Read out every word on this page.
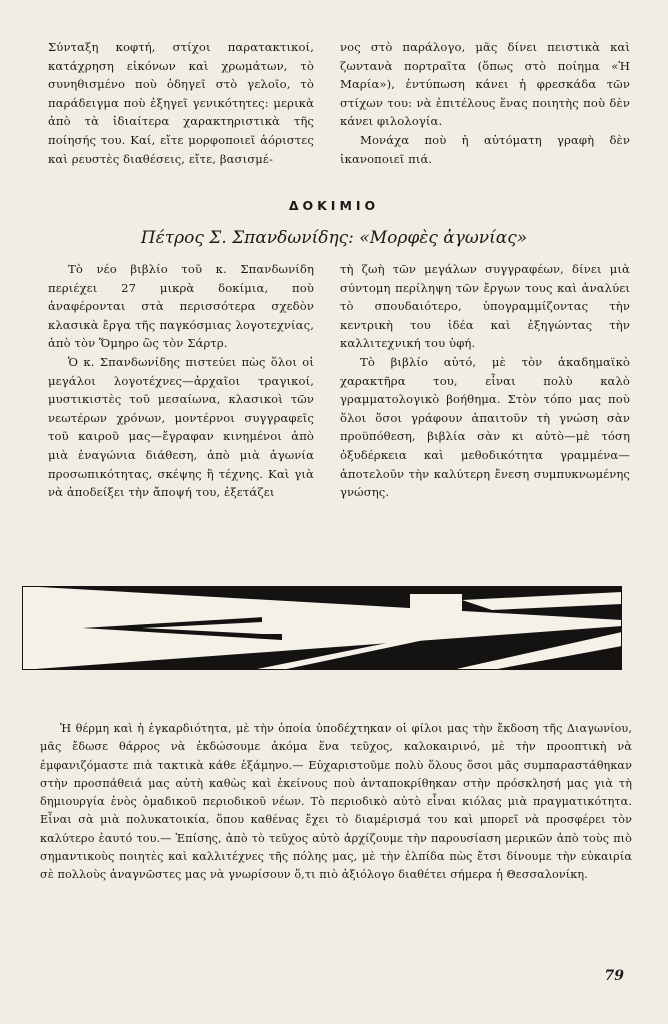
Σύνταξη κοφτή, στίχοι παρατακτικοί, κατάχρηση εἰκόνων καὶ χρωμάτων, τὸ συνηθισμένο ποὺ ὁδηγεῖ στὸ γελοῖο, τὸ παράδειγμα ποὺ ἐξηγεῖ γενικότητες: μερικὰ ἀπὸ τὰ ἰδιαίτερα χαρακτηριστικὰ τῆς ποίησής του. Καί, εἴτε μορφοποιεῖ ἀόριστες καὶ ρευστὲς διαθέσεις, εἴτε, βασισμέ-

νος στὸ παράλογο, μᾶς δίνει πειστικὰ καὶ ζωντανὰ πορτραῖτα (ὅπως στὸ ποίημα «Ἡ Μαρία»), ἐντύπωση κάνει ἡ φρεσκάδα τῶν στίχων του: νὰ ἐπιτέλους ἕνας ποιητὴς ποὺ δὲν κάνει φιλολογία.

Μονάχα ποὺ ἡ αὐτόματη γραφὴ δὲν ἱκανοποιεῖ πιά.

ΔΟΚΙΜΙΟ
Πέτρος Σ. Σπανδωνίδης: «Μορφὲς ἀγωνίας»

Τὸ νέο βιβλίο τοῦ κ. Σπανδωνίδη περιέχει 27 μικρὰ δοκίμια, ποὺ ἀναφέρονται στὰ περισσότερα σχεδὸν κλασικὰ ἔργα τῆς παγκόσμιας λογοτεχνίας, ἀπὸ τὸν Ὅμηρο ὣς τὸν Σάρτρ.

Ὁ κ. Σπανδωνίδης πιστεύει πὼς ὅλοι οἱ μεγάλοι λογοτέχνες—ἀρχαῖοι τραγικοί, μυστικιστὲς τοῦ μεσαίωνα, κλασικοὶ τῶν νεωτέρων χρόνων, μοντέρνοι συγγραφεῖς τοῦ καιροῦ μας—ἔγραφαν κινημένοι ἀπὸ μιὰ ἐναγώνια διάθεση, ἀπὸ μιὰ ἀγωνία προσωπικότητας, σκέψης ἢ τέχνης. Καὶ γιὰ νὰ ἀποδείξει τὴν ἄποψή του, ἐξετάζει

τὴ ζωὴ τῶν μεγάλων συγγραφέων, δίνει μιὰ σύντομη περίληψη τῶν ἔργων τους καὶ ἀναλύει τὸ σπουδαιότερο, ὑπογραμμίζοντας τὴν κεντρικὴ του ἰδέα καὶ ἐξηγώντας τὴν καλλιτεχνική του ὑφή.

Τὸ βιβλίο αὐτό, μὲ τὸν ἀκαδημαϊκὸ χαρακτῆρα του, εἶναι πολὺ καλὸ γραμματολογικὸ βοήθημα. Στὸν τόπο μας ποὺ ὅλοι ὅσοι γράφουν ἀπαιτοῦν τὴ γνώση σὰν προϋπόθεση, βιβλία σὰν κι αὐτὸ—μὲ τόση ὀξυδέρκεια καὶ μεθοδικότητα γραμμένα—ἀποτελοῦν τὴν καλύτερη ἔνεση συμπυκνωμένης γνώσης.

Ἡ θέρμη καὶ ἡ ἐγκαρδιότητα, μὲ τὴν ὁποία ὑποδέχτηκαν οἱ φίλοι μας τὴν ἔκδοση τῆς Διαγωνίου, μᾶς ἔδωσε θάρρος νὰ ἐκδώσουμε ἀκόμα ἕνα τεῦχος, καλοκαιρινό, μὲ τὴν προοπτικὴ νὰ ἐμφανιζόμαστε πιὰ τακτικὰ κάθε ἑξάμηνο.— Εὐχαριστοῦμε πολὺ ὅλους ὅσοι μᾶς συμπαραστάθηκαν στὴν προσπάθειά μας αὐτὴ καθὼς καὶ ἐκείνους ποὺ ἀνταποκρίθηκαν στὴν πρόσκλησή μας γιὰ τὴ δημιουργία ἑνὸς ὁμαδικοῦ περιοδικοῦ νέων. Τὸ περιοδικὸ αὐτὸ εἶναι κιόλας μιὰ πραγματικότητα. Εἶναι σὰ μιὰ πολυκατοικία, ὅπου καθένας ἔχει τὸ διαμέρισμά του καὶ μπορεῖ νὰ προσφέρει τὸν καλύτερο ἑαυτό του.— Ἐπίσης, ἀπὸ τὸ τεῦχος αὐτὸ ἀρχίζουμε τὴν παρουσίαση μερικῶν ἀπὸ τοὺς πιὸ σημαντικοὺς ποιητὲς καὶ καλλιτέχνες τῆς πόλης μας, μὲ τὴν ἐλπίδα πὼς ἔτσι δίνουμε τὴν εὐκαιρία σὲ πολλοὺς ἀναγνῶστες μας νὰ γνωρίσουν ὅ,τι πιὸ ἀξιόλογο διαθέτει σήμερα ἡ Θεσσαλονίκη.

79
